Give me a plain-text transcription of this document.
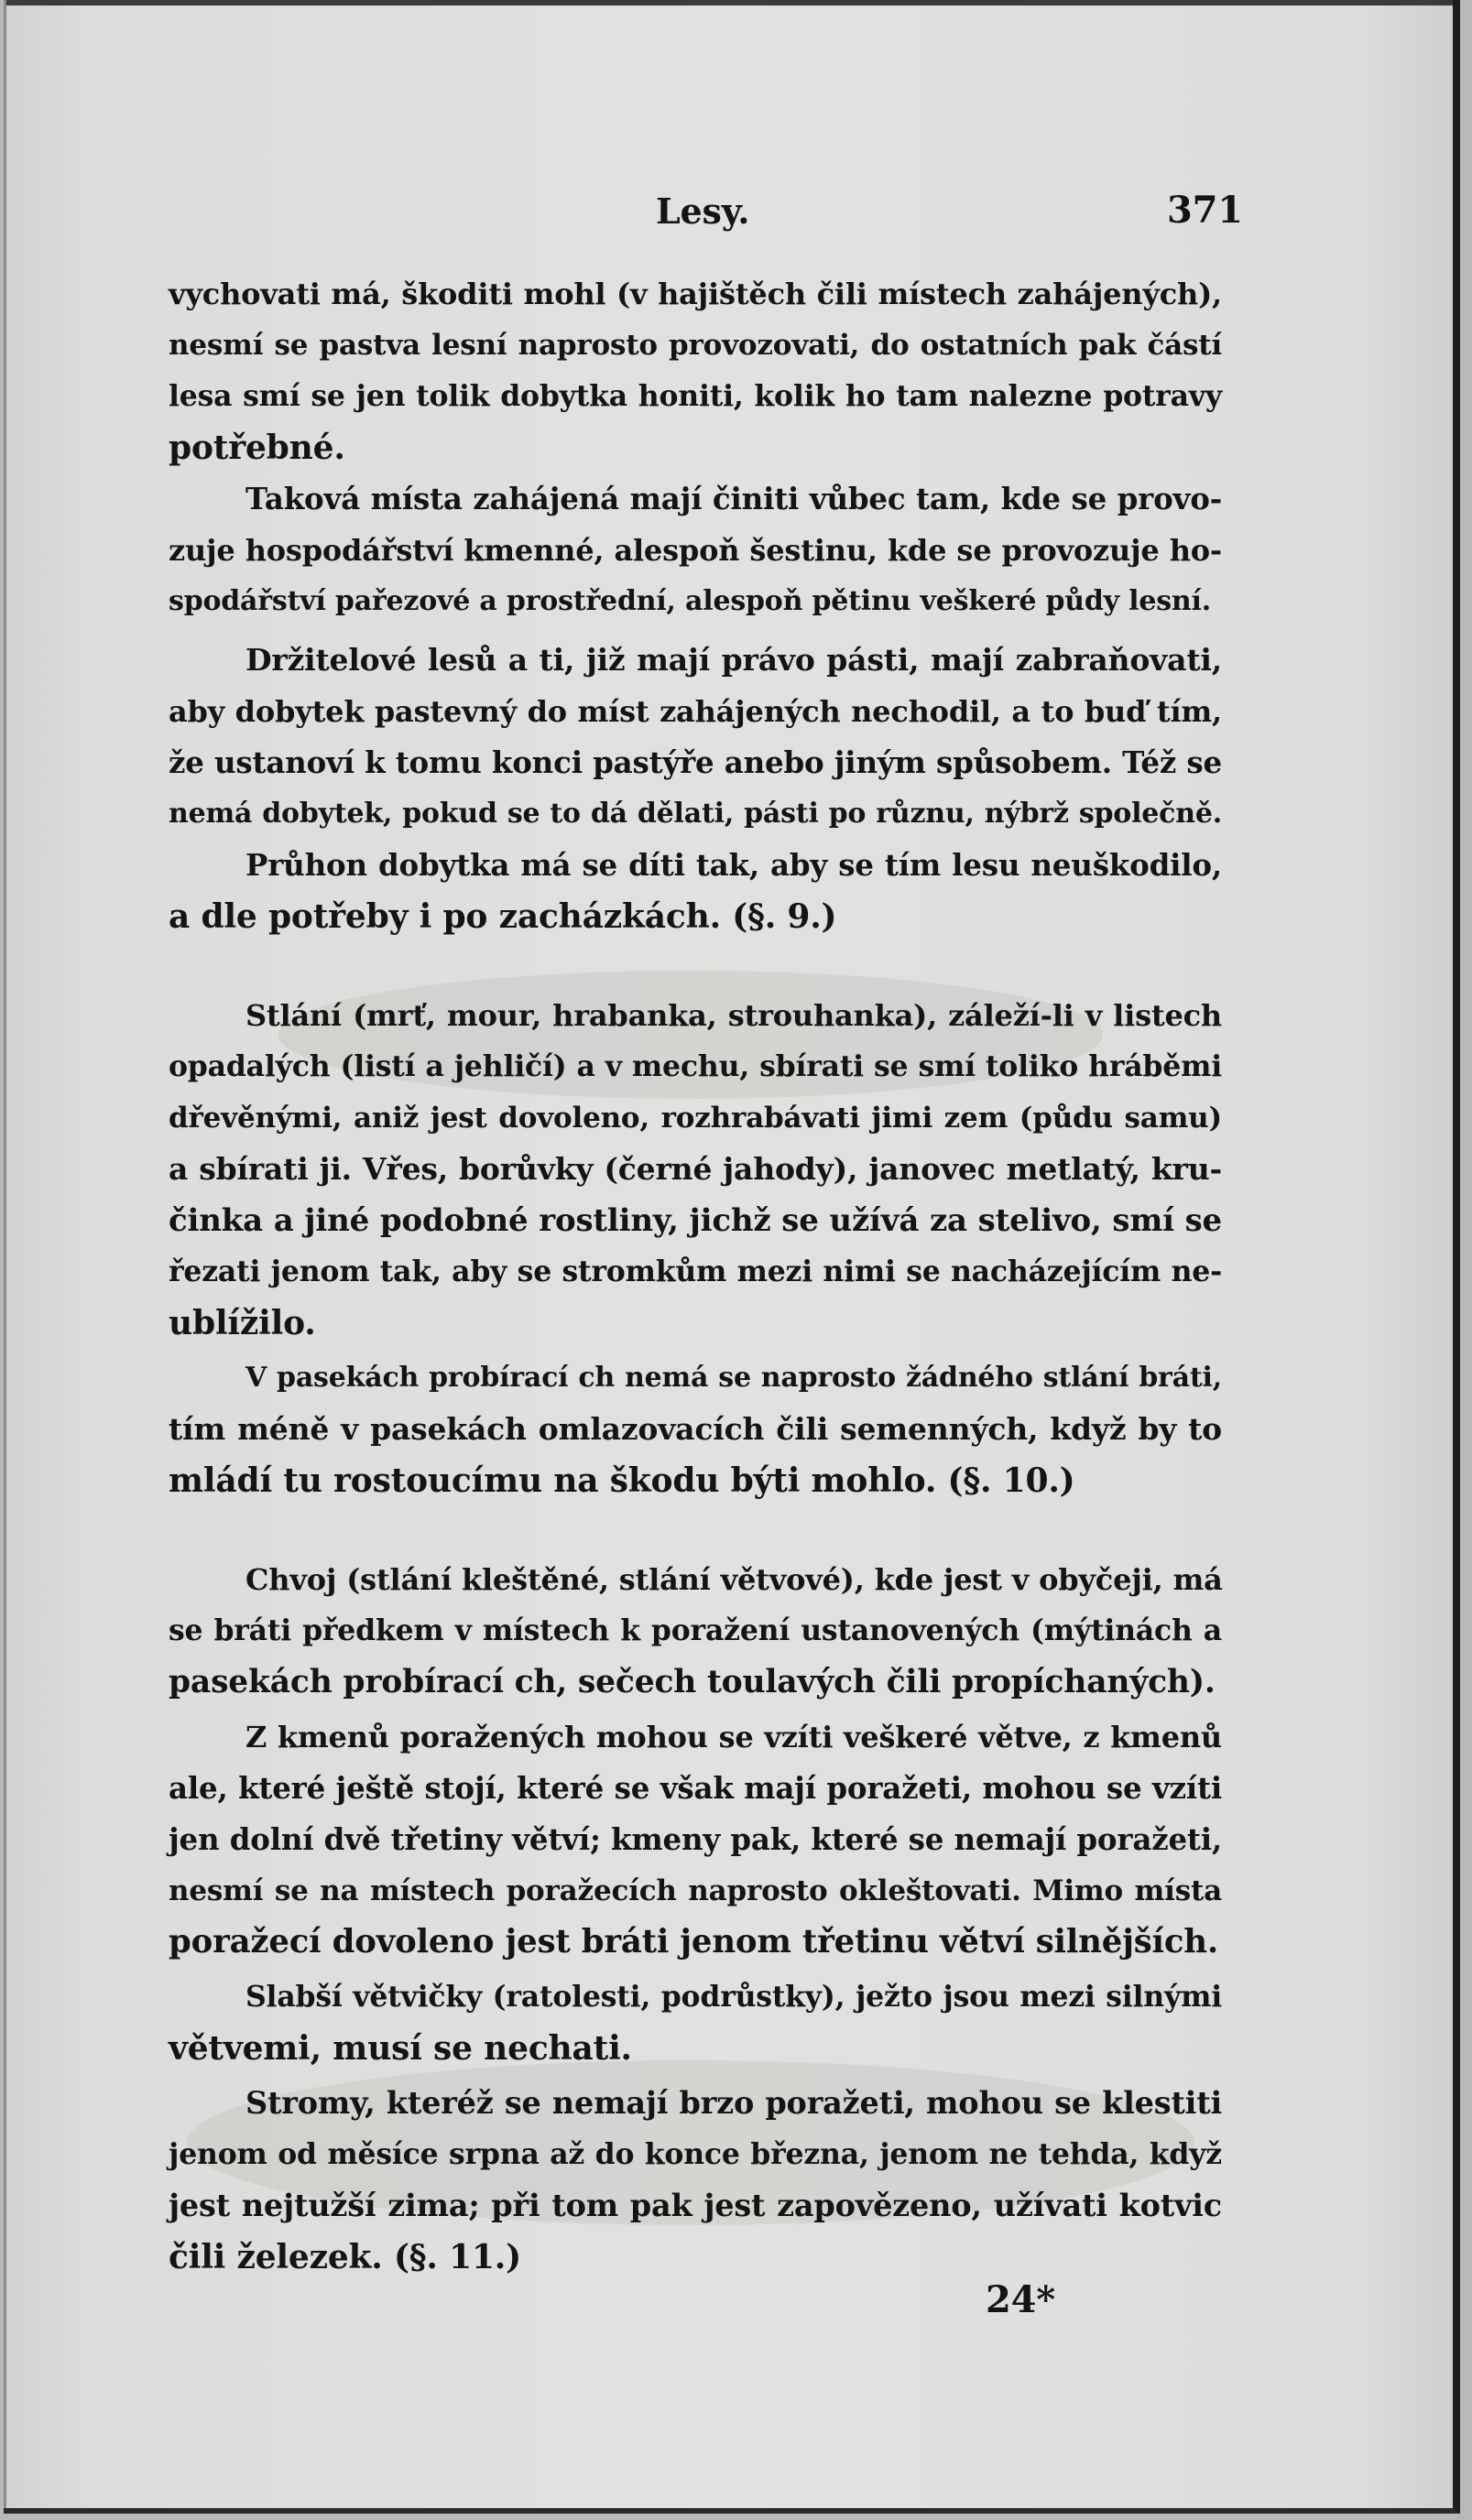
Lesy.	371
vychovati má, škoditi mohl (v hajištěch čili místech zahájených),
nesmí se pastva lesní naprosto provozovati, do ostatních pak částí
lesa smí se jen tolik dobytka honiti, kolik ho tam nalezne potravy
potřebné.
Taková místa zahájená mají činiti vůbec tam, kde se provo-
zuje hospodářství kmenné, alespoň šestinu, kde se provozuje ho-
spodářství pařezové a prostřední, alespoň pětinu veškeré půdy lesní.
Držitelové lesů a ti, již mají právo pásti, mají zabraňovati,
aby dobytek pastevný do míst zahájených nechodil, a to buď tím,
že ustanoví k tomu konci pastýře anebo jiným spůsobem. Též se
nemá dobytek, pokud se to dá dělati, pásti po různu, nýbrž společně.
Průhon dobytka má se díti tak, aby se tím lesu neuškodilo,
a dle potřeby i po zacházkách. (§. 9.)
Stlání (mrť, mour, hrabanka, strouhanka), záleží-li v listech
opadalých (listí a jehličí) a v mechu, sbírati se smí toliko hráběmi
dřevěnými, aniž jest dovoleno, rozhrabávati jimi zem (půdu samu)
a sbírati ji. Vřes, borůvky (černé jahody), janovec metlatý, kru-
činka a jiné podobné rostliny, jichž se užívá za stelivo, smí se
řezati jenom tak, aby se stromkům mezi nimi se nacházejícím ne-
ublížilo.
V pasekách probírací ch nemá se naprosto žádného stlání bráti,
tím méně v pasekách omlazovacích čili semenných, když by to
mládí tu rostoucímu na škodu býti mohlo. (§. 10.)
Chvoj (stlání kleštěné, stlání větvové), kde jest v obyčeji, má
se bráti předkem v místech k poražení ustanovených (mýtinách a
pasekách probírací ch, sečech toulavých čili propíchaných).
Z kmenů poražených mohou se vzíti veškeré větve, z kmenů
ale, které ještě stojí, které se však mají poražeti, mohou se vzíti
jen dolní dvě třetiny větví; kmeny pak, které se nemají poražeti,
nesmí se na místech poražecích naprosto okleštovati. Mimo místa
poražecí dovoleno jest bráti jenom třetinu větví silnějších.
Slabší větvičky (ratolesti, podrůstky), ježto jsou mezi silnými
větvemi, musí se nechati.
Stromy, kteréž se nemají brzo poražeti, mohou se klestiti
jenom od měsíce srpna až do konce března, jenom ne tehda, když
jest nejtužší zima; při tom pak jest zapovězeno, užívati kotvic
čili železek. (§. 11.)
24*
